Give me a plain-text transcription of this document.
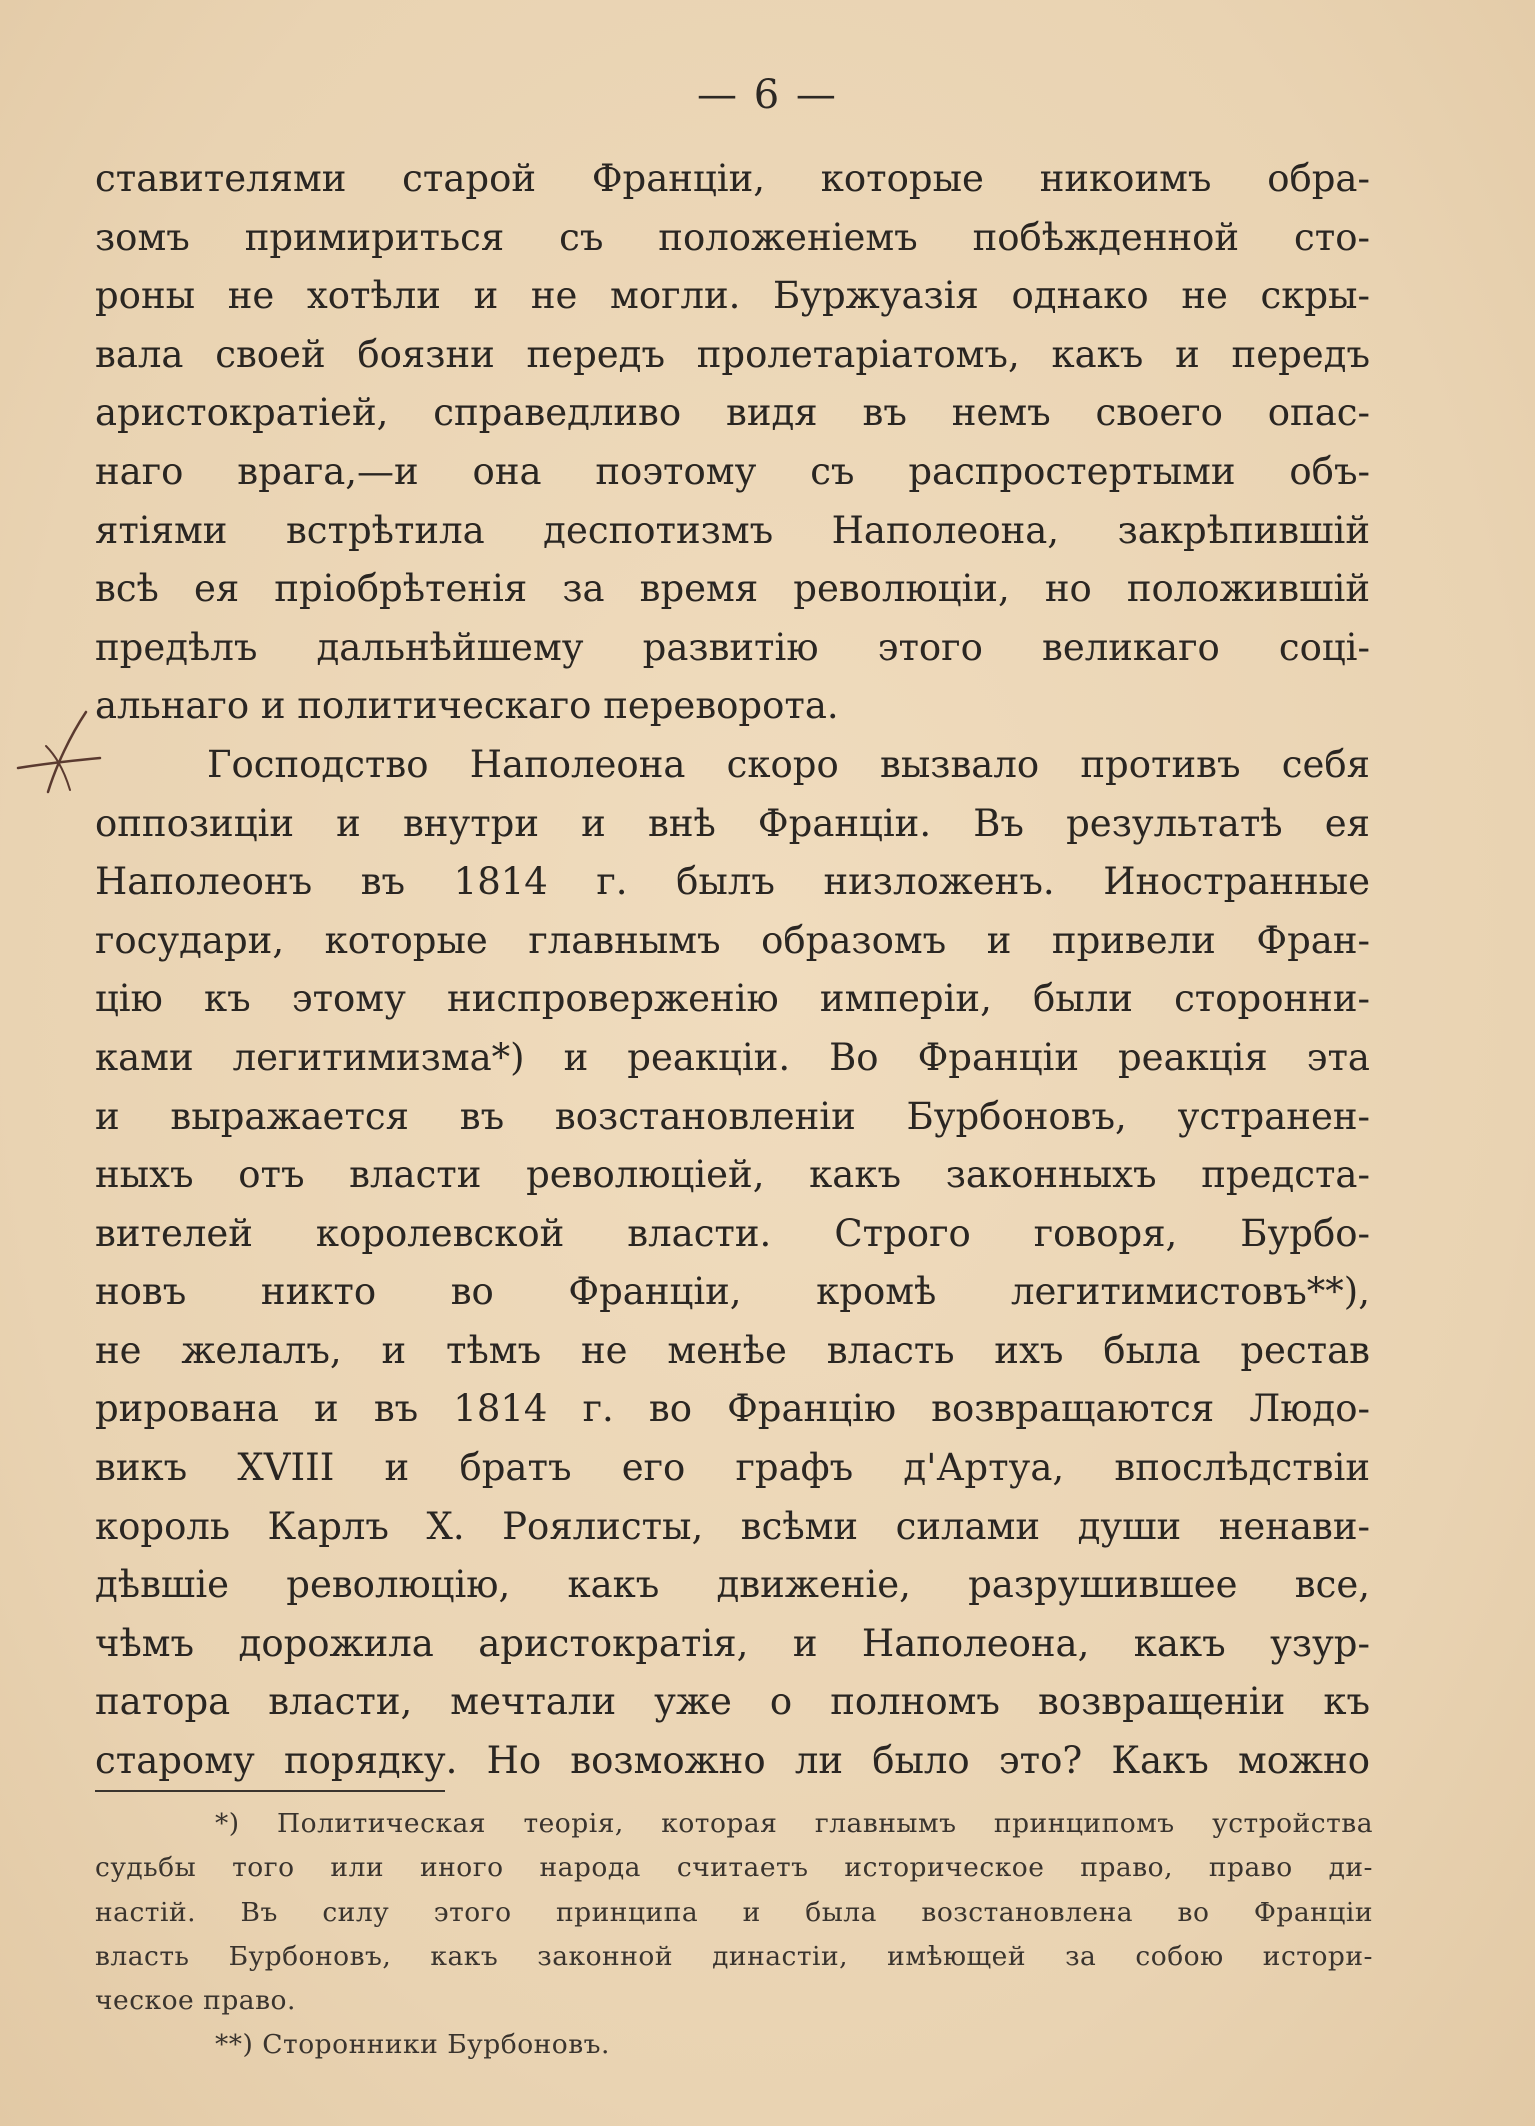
— 6 —
ставителями старой Франціи, которые никоимъ обра-
зомъ примириться съ положеніемъ побѣжденной сто-
роны не хотѣли и не могли. Буржуазія однако не скры-
вала своей боязни передъ пролетаріатомъ, какъ и передъ
аристократіей, справедливо видя въ немъ своего опас-
наго врага,—и она поэтому съ распростертыми объ-
ятіями встрѣтила деспотизмъ Наполеона, закрѣпившій
всѣ ея пріобрѣтенія за время революціи, но положившій
предѣлъ дальнѣйшему развитію этого великаго соці-
альнаго и политическаго переворота.
Господство Наполеона скоро вызвало противъ себя
оппозиціи и внутри и внѣ Франціи. Въ результатѣ ея
Наполеонъ въ 1814 г. былъ низложенъ. Иностранные
государи, которые главнымъ образомъ и привели Фран-
цію къ этому ниспроверженію имперіи, были сторонни-
ками легитимизма*) и реакціи. Во Франціи реакція эта
и выражается въ возстановленіи Бурбоновъ, устранен-
ныхъ отъ власти революціей, какъ законныхъ предста-
вителей королевской власти. Строго говоря, Бурбо-
новъ никто во Франціи, кромѣ легитимистовъ**),
не желалъ, и тѣмъ не менѣе власть ихъ была рестав
рирована и въ 1814 г. во Францію возвращаются Людо-
викъ XVIII и братъ его графъ д'Артуа, впослѣдствіи
король Карлъ X. Роялисты, всѣми силами души ненави-
дѣвшіе революцію, какъ движеніе, разрушившее все,
чѣмъ дорожила аристократія, и Наполеона, какъ узур-
патора власти, мечтали уже о полномъ возвращеніи къ
старому порядку. Но возможно ли было это? Какъ можно
*) Политическая теорія, которая главнымъ принципомъ устройства
судьбы того или иного народа считаетъ историческое право, право ди-
настій. Въ силу этого принципа и была возстановлена во Франціи
власть Бурбоновъ, какъ законной династіи, имѣющей за собою истори-
ческое право.
**) Сторонники Бурбоновъ.
